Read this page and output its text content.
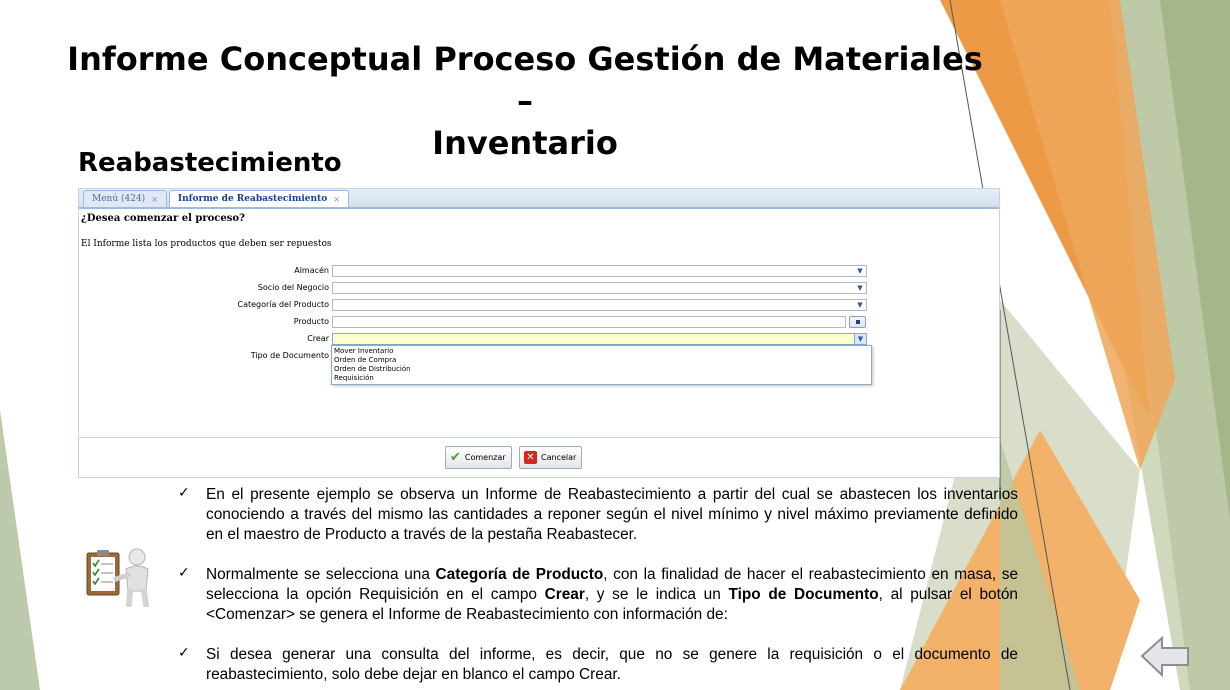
Informe Conceptual Proceso Gestión de Materiales –
Inventario
Reabastecimiento
Menú (424) × Informe de Reabastecimiento ×
¿Desea comenzar el proceso?
El Informe lista los productos que deben ser repuestos
Almacén	▼
Socio del Negocio	▼
Categoría del Producto	▼
Producto
Crear	▼
Tipo de Documento Mover Inventario
Orden de Compra
Orden de Distribución
Requisición
✔ Comenzar ✕ Cancelar
✓ En el presente ejemplo se observa un Informe de Reabastecimiento a partir del cual se abastecen los inventarios conociendo a través del mismo las cantidades a reponer según el nivel mínimo y nivel máximo previamente definido en el maestro de Producto a través de la pestaña Reabastecer.
✓ Normalmente se selecciona una Categoría de Producto, con la finalidad de hacer el reabastecimiento en masa, se selecciona la opción Requisición en el campo Crear, y se le indica un Tipo de Documento, al pulsar el botón <Comenzar> se genera el Informe de Reabastecimiento con información de:
✓ Si desea generar una consulta del informe, es decir, que no se genere la requisición o el documento de reabastecimiento, solo debe dejar en blanco el campo Crear.
